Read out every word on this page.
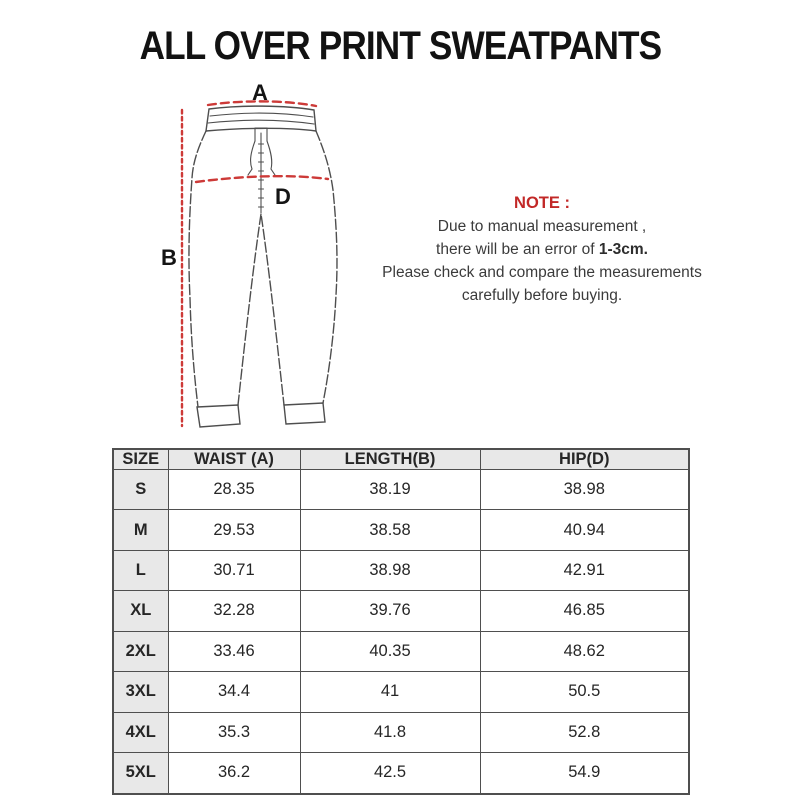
ALL OVER PRINT SWEATPANTS
A
B
D	NOTE :
Due to manual measurement ,
there will be an error of 1-3cm.
Please check and compare the measurements
carefully before buying.
SIZE	WAIST (A)	LENGTH(B)	HIP(D)
S	28.35	38.19	38.98
M	29.53	38.58	40.94
L	30.71	38.98	42.91
XL	32.28	39.76	46.85
2XL	33.46	40.35	48.62
3XL	34.4	41	50.5
4XL	35.3	41.8	52.8
5XL	36.2	42.5	54.9
